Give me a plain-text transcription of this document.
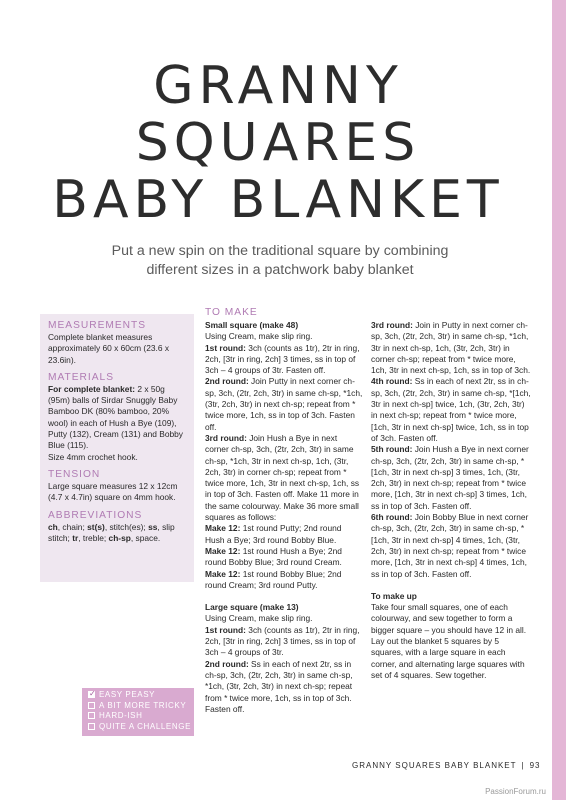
GRANNY
SQUARES
BABY BLANKET
Put a new spin on the traditional square by combining
different sizes in a patchwork baby blanket
MEASUREMENTS
Complete blanket measures approximately 60 x 60cm (23.6 x 23.6in).
MATERIALS
For complete blanket: 2 x 50g (95m) balls of Sirdar Snuggly Baby Bamboo DK (80% bamboo, 20% wool) in each of Hush a Bye (109), Putty (132), Cream (131) and Bobby Blue (115).
Size 4mm crochet hook.
TENSION
Large square measures 12 x 12cm (4.7 x 4.7in) square on 4mm hook.
ABBREVIATIONS
ch, chain; st(s), stitch(es); ss, slip stitch; tr, treble; ch-sp, space.
TO MAKE

Small square (make 48)

Using Cream, make slip ring.

1st round: 3ch (counts as 1tr), 2tr in ring, 2ch, [3tr in ring, 2ch] 3 times, ss in top of 3ch – 4 groups of 3tr. Fasten off.

2nd round: Join Putty in next corner ch-sp, 3ch, (2tr, 2ch, 3tr) in same ch-sp, *1ch, (3tr, 2ch, 3tr) in next ch-sp; repeat from * twice more, 1ch, ss in top of 3ch. Fasten off.

3rd round: Join Hush a Bye in next corner ch-sp, 3ch, (2tr, 2ch, 3tr) in same ch-sp, *1ch, 3tr in next ch-sp, 1ch, (3tr, 2ch, 3tr) in corner ch-sp; repeat from * twice more, 1ch, 3tr in next ch-sp, 1ch, ss in top of 3ch. Fasten off. Make 11 more in the same colourway. Make 36 more small squares as follows:

Make 12: 1st round Putty; 2nd round Hush a Bye; 3rd round Bobby Blue.

Make 12: 1st round Hush a Bye; 2nd round Bobby Blue; 3rd round Cream.

Make 12: 1st round Bobby Blue; 2nd round Cream; 3rd round Putty.

Large square (make 13)

Using Cream, make slip ring.

1st round: 3ch (counts as 1tr), 2tr in ring, 2ch, [3tr in ring, 2ch] 3 times, ss in top of 3ch – 4 groups of 3tr.

2nd round: Ss in each of next 2tr, ss in ch-sp, 3ch, (2tr, 2ch, 3tr) in same ch-sp, *1ch, (3tr, 2ch, 3tr) in next ch-sp; repeat from * twice more, 1ch, ss in top of 3ch. Fasten off.

3rd round: Join in Putty in next corner ch-sp, 3ch, (2tr, 2ch, 3tr) in same ch-sp, *1ch, 3tr in next ch-sp, 1ch, (3tr, 2ch, 3tr) in corner ch-sp; repeat from * twice more, 1ch, 3tr in next ch-sp, 1ch, ss in top of 3ch.

4th round: Ss in each of next 2tr, ss in ch-sp, 3ch, (2tr, 2ch, 3tr) in same ch-sp, *[1ch, 3tr in next ch-sp] twice, 1ch, (3tr, 2ch, 3tr) in next ch-sp; repeat from * twice more, [1ch, 3tr in next ch-sp] twice, 1ch, ss in top of 3ch. Fasten off.

5th round: Join Hush a Bye in next corner ch-sp, 3ch, (2tr, 2ch, 3tr) in same ch-sp, *[1ch, 3tr in next ch-sp] 3 times, 1ch, (3tr, 2ch, 3tr) in next ch-sp; repeat from * twice more, [1ch, 3tr in next ch-sp] 3 times, 1ch, ss in top of 3ch. Fasten off.

6th round: Join Bobby Blue in next corner ch-sp, 3ch, (2tr, 2ch, 3tr) in same ch-sp, *[1ch, 3tr in next ch-sp] 4 times, 1ch, (3tr, 2ch, 3tr) in next ch-sp; repeat from * twice more, [1ch, 3tr in next ch-sp] 4 times, 1ch, ss in top of 3ch. Fasten off.

To make up

Take four small squares, one of each colourway, and sew together to form a bigger square – you should have 12 in all. Lay out the blanket 5 squares by 5 squares, with a large square in each corner, and alternating large squares with set of 4 squares. Sew together.

✓EASY PEASY
A BIT MORE TRICKY
HARD-ISH
QUITE A CHALLENGE
GRANNY SQUARES BABY BLANKET | 93
PassionForum.ru
